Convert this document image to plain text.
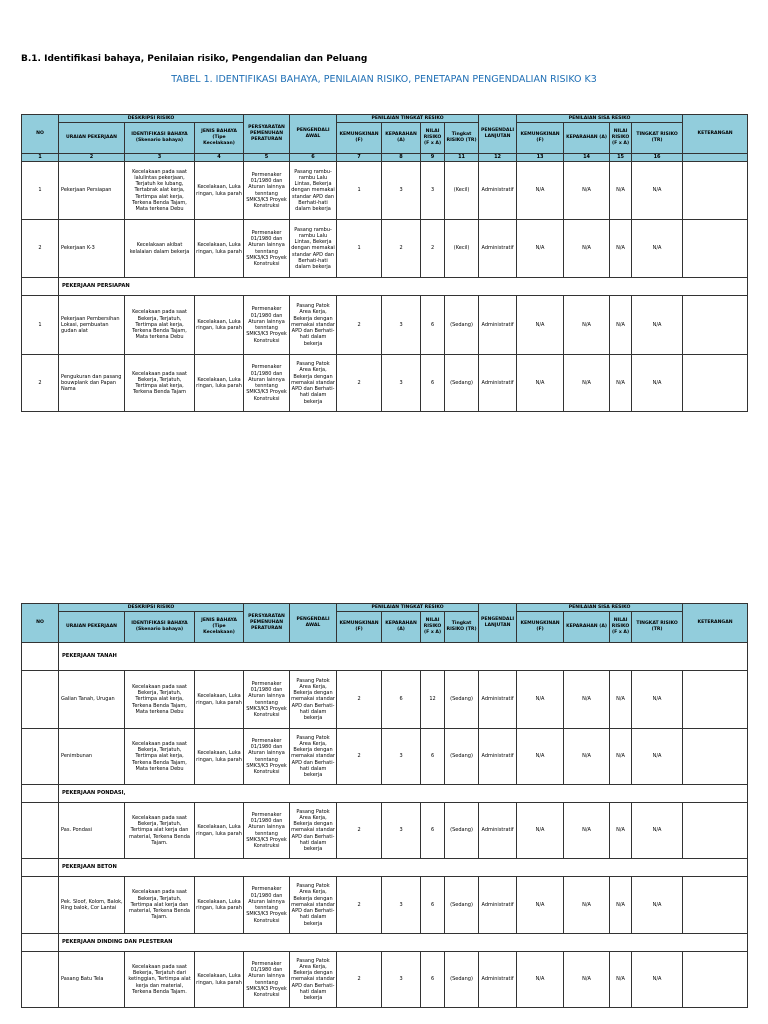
B.1. Identifikasi bahaya, Penilaian risiko, Pengendalian dan Peluang
TABEL 1. IDENTIFIKASI BAHAYA, PENILAIAN RISIKO, PENETAPAN PENGENDALIAN RISIKO K3
NO	DESKRIPSI RISIKO			PERSYARATAN PEMENUHAN PERATURAN	PENGENDALI AWAL	PENILAIAN TINGKAT RESIKO				PENGENDALI LANJUTAN	PENILAIAN SISA RESIKO				KETERANGAN
	URAIAN PEKERJAAN	IDENTIFIKASI BAHAYA (Skenario bahaya)	JENIS BAHAYA (Tipe Kecelakaan)			KEMUNGKINAN (F)	KEPARAHAN (A)	NILAI RISIKO (F x A)	Tingkat RISIKO (TR)		KEMUNGKINAN (F)	KEPARAHAN (A)	NILAI RISIKO (F x A)	TINGKAT RISIKO (TR)	
1	2	3	4	5	6	7	8	9	11	12	13	14	15	16	
1	Pekerjaan Persiapan	Kecelakaan pada saat lalulintas pekerjaan, Terjatuh ke lubang, Tertabrak alat kerja, Tertimpa alat kerja, Terkena Benda Tajam, Mata terkena Debu	Kecelakaan, Luka ringan, luka parah	Permenaker 01/1980 dan Aturan lainnya tenntang SMK3/K3 Proyek Konstruksi	Pasang rambu-rambu Lalu Lintas, Bekerja dengan memakai standar APD dan Berhati-hati dalam bekerja	1	3	3	(Kecil)	Administratif	N/A	N/A	N/A	N/A	
2	Pekerjaan K-3	Kecelakaan akibat kelalaian dalam bekerja	Kecelakaan, Luka ringan, luka parah	Permenaker 01/1980 dan Aturan lainnya tenntang SMK3/K3 Proyek Konstruksi	Pasang rambu-rambu Lalu Lintas, Bekerja dengan memakai standar APD dan Berhati-hati dalam bekerja	1	2	2	(Kecil)	Administratif	N/A	N/A	N/A	N/A	
	PEKERJAAN PERSIAPAN														
1	Pekerjaan Pembersihan Lokasi, pembuatan gudan alat	Kecelakaan pada saat Bekerja, Terjatuh, Tertimpa alat kerja, Terkena Benda Tajam, Mata terkena Debu	Kecelakaan, Luka ringan, luka parah	Permenaker 01/1980 dan Aturan lainnya tenntang SMK3/K3 Proyek Konstruksi	Pasang Patok Area Kerja, Bekerja dengan memakai standar APD dan Berhati-hati dalam bekerja	2	3	6	(Sedang)	Administratif	N/A	N/A	N/A	N/A	
2	Pengukuran dan pasang bouwplank dan Papan Nama	Kecelakaan pada saat Bekerja, Terjatuh, Tertimpa alat kerja, Terkena Benda Tajam	Kecelakaan, Luka ringan, luka parah	Permenaker 01/1980 dan Aturan lainnya tenntang SMK3/K3 Proyek Konstruksi	Pasang Patok Area Kerja, Bekerja dengan memakai standar APD dan Berhati-hati dalam bekerja	2	3	6	(Sedang)	Administratif	N/A	N/A	N/A	N/A	
NO	DESKRIPSI RISIKO			PERSYARATAN PEMENUHAN PERATURAN	PENGENDALI AWAL	PENILAIAN TINGKAT RESIKO				PENGENDALI LANJUTAN	PENILAIAN SISA RESIKO				KETERANGAN
	URAIAN PEKERJAAN	IDENTIFIKASI BAHAYA (Skenario bahaya)	JENIS BAHAYA (Tipe Kecelakaan)			KEMUNGKINAN (F)	KEPARAHAN (A)	NILAI RISIKO (F x A)	Tingkat RISIKO (TR)		KEMUNGKINAN (F)	KEPARAHAN (A)	NILAI RISIKO (F x A)	TINGKAT RISIKO (TR)	
	PEKERJAAN TANAH														
	Galian Tanah, Urugan	Kecelakaan pada saat Bekerja, Terjatuh, Tertimpa alat kerja, Terkena Benda Tajam, Mata terkena Debu	Kecelakaan, Luka ringan, luka parah	Permenaker 01/1980 dan Aturan lainnya tenntang SMK3/K3 Proyek Konstruksi	Pasang Patok Area Kerja, Bekerja dengan memakai standar APD dan Berhati-hati dalam bekerja	2	6	12	(Sedang)	Administratif	N/A	N/A	N/A	N/A	
	Penimbunan	Kecelakaan pada saat Bekerja, Terjatuh, Tertimpa alat kerja, Terkena Benda Tajam, Mata terkena Debu	Kecelakaan, Luka ringan, luka parah	Permenaker 01/1980 dan Aturan lainnya tenntang SMK3/K3 Proyek Konstruksi	Pasang Patok Area Kerja, Bekerja dengan memakai standar APD dan Berhati-hati dalam bekerja	2	3	6	(Sedang)	Administratif	N/A	N/A	N/A	N/A	
	PEKERJAAN PONDASI,														
	Pas. Pondasi	Kecelakaan pada saat Bekerja, Terjatuh, Tertimpa alat kerja dan material, Terkena Benda Tajam.	Kecelakaan, Luka ringan, luka parah	Permenaker 01/1980 dan Aturan lainnya tenntang SMK3/K3 Proyek Konstruksi	Pasang Patok Area Kerja, Bekerja dengan memakai standar APD dan Berhati-hati dalam bekerja	2	3	6	(Sedang)	Administratif	N/A	N/A	N/A	N/A	
	PEKERJAAN BETON														
	Pek. Sloof, Kolom, Balok, Ring balok, Cor Lantai	Kecelakaan pada saat Bekerja, Terjatuh, Tertimpa alat kerja dan material, Terkena Benda Tajam.	Kecelakaan, Luka ringan, luka parah	Permenaker 01/1980 dan Aturan lainnya tenntang SMK3/K3 Proyek Konstruksi	Pasang Patok Area Kerja, Bekerja dengan memakai standar APD dan Berhati-hati dalam bekerja	2	3	6	(Sedang)	Administratif	N/A	N/A	N/A	N/A	
	PEKERJAAN DINDING DAN PLESTERAN														
	Pasang Batu Tela	Kecelakaan pada saat Bekerja, Terjatuh dari ketinggian, Tertimpa alat kerja dan material, Terkena Benda Tajam.	Kecelakaan, Luka ringan, luka parah	Permenaker 01/1980 dan Aturan lainnya tenntang SMK3/K3 Proyek Konstruksi	Pasang Patok Area Kerja, Bekerja dengan memakai standar APD dan Berhati-hati dalam bekerja	2	3	6	(Sedang)	Administratif	N/A	N/A	N/A	N/A	
